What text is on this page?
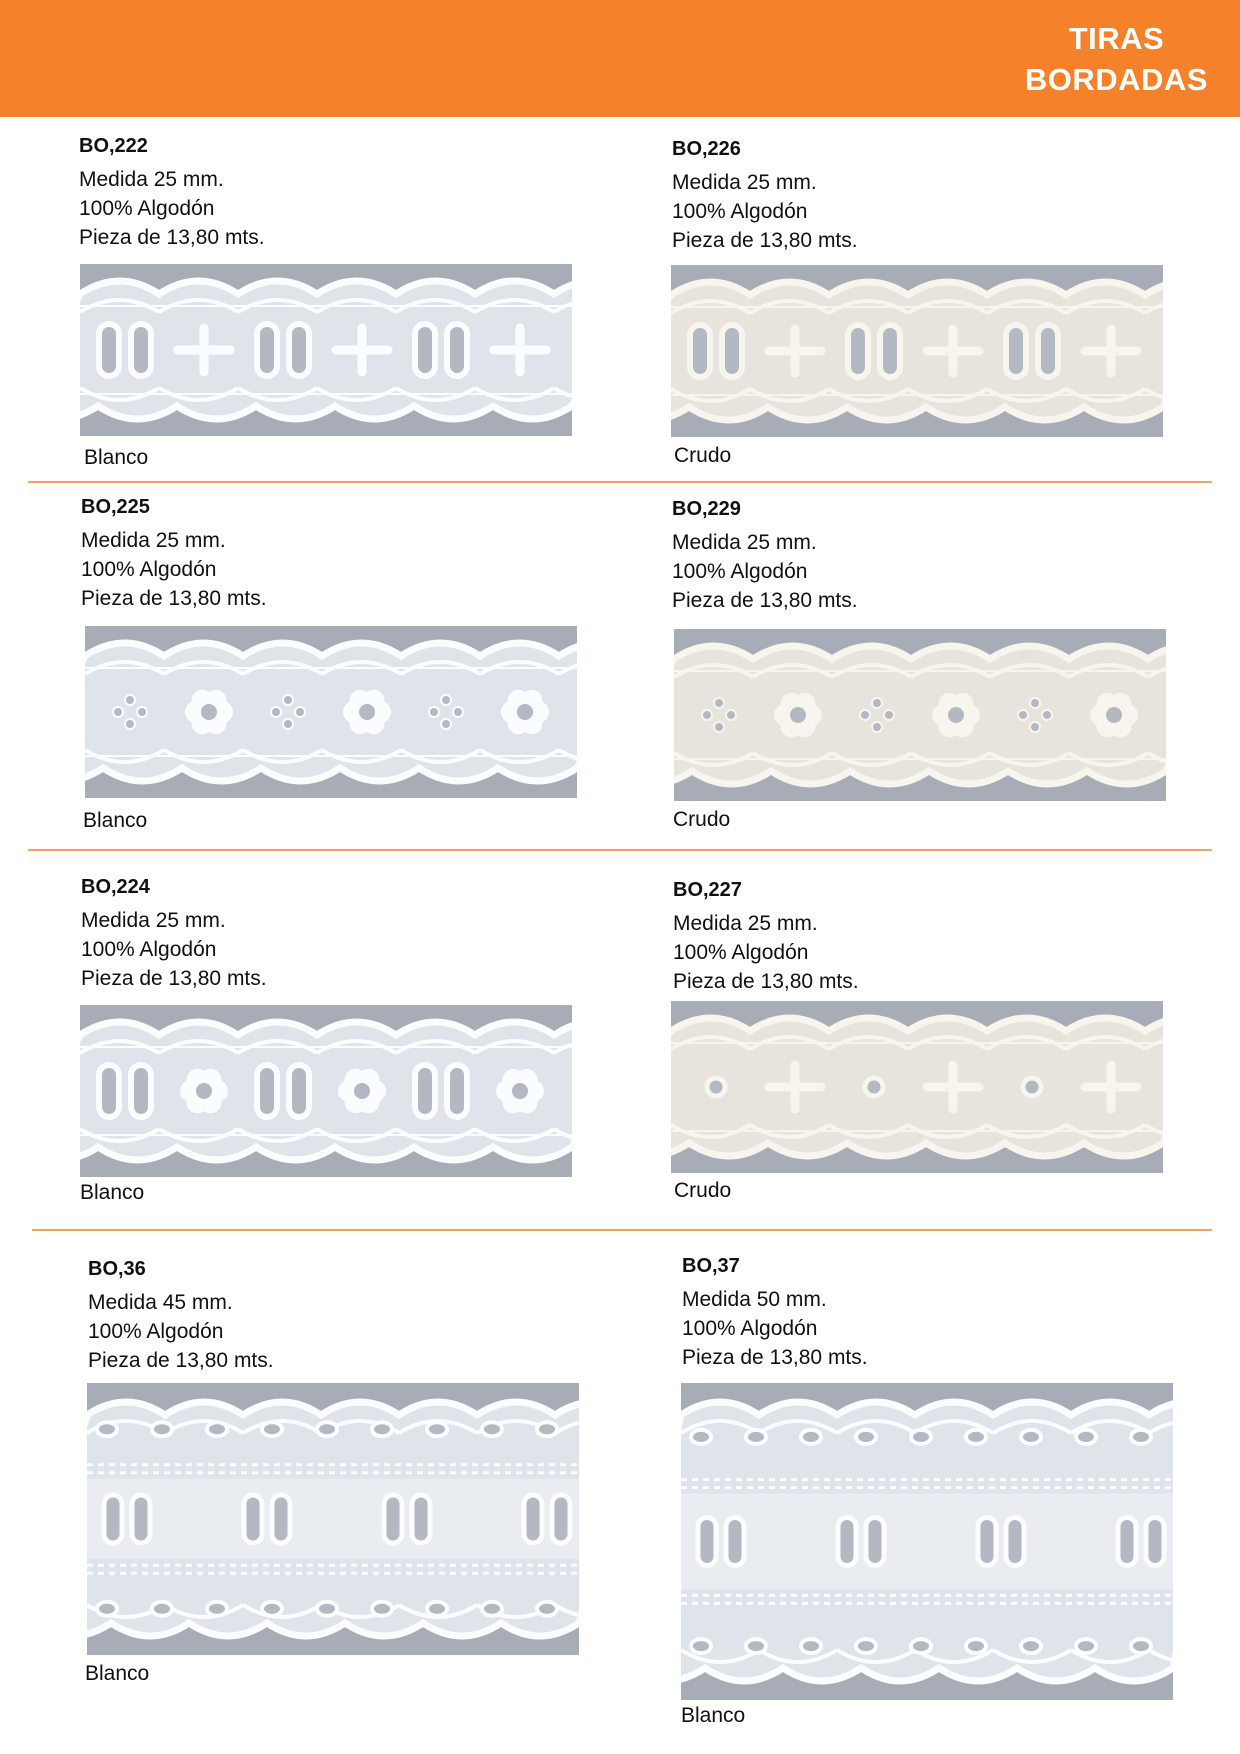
TIRAS
BORDADAS
BO,222
Medida 25 mm.
100% Algodón
Pieza de 13,80 mts.
Blanco
BO,226
Medida 25 mm.
100% Algodón
Pieza de 13,80 mts.
Crudo
BO,225
Medida 25 mm.
100% Algodón
Pieza de 13,80 mts.
Blanco
BO,229
Medida 25 mm.
100% Algodón
Pieza de 13,80 mts.
Crudo
BO,224
Medida 25 mm.
100% Algodón
Pieza de 13,80 mts.
Blanco
BO,227
Medida 25 mm.
100% Algodón
Pieza de 13,80 mts.
Crudo
BO,36
Medida 45 mm.
100% Algodón
Pieza de 13,80 mts.
Blanco
BO,37
Medida 50 mm.
100% Algodón
Pieza de 13,80 mts.
Blanco
